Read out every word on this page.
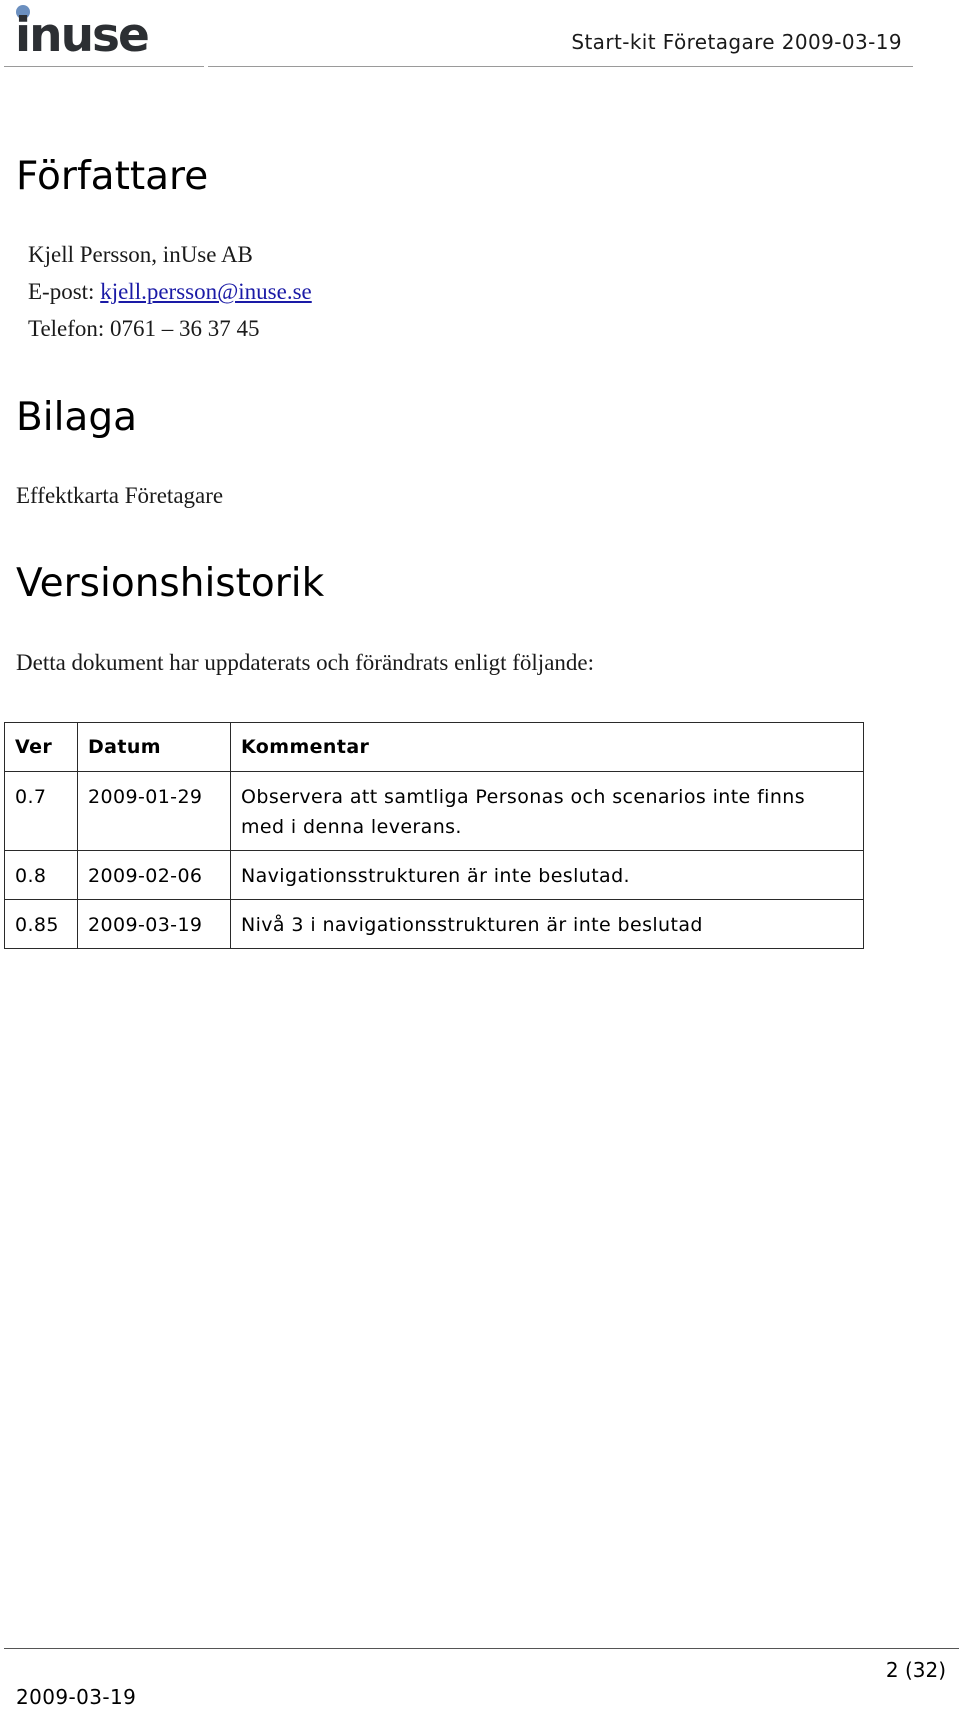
inuse	Start-kit Företagare 2009-03-19
Författare
Kjell Persson, inUse AB
E-post: kjell.persson@inuse.se
Telefon: 0761 – 36 37 45
Bilaga
Effektkarta Företagare
Versionshistorik
Detta dokument har uppdaterats och förändrats enligt följande:
Ver	Datum	Kommentar
0.7	2009-01-29	Observera att samtliga Personas och scenarios inte finns med i denna leverans.
0.8	2009-02-06	Navigationsstrukturen är inte beslutad.
0.85	2009-03-19	Nivå 3 i navigationsstrukturen är inte beslutad
2 (32)
2009-03-19
